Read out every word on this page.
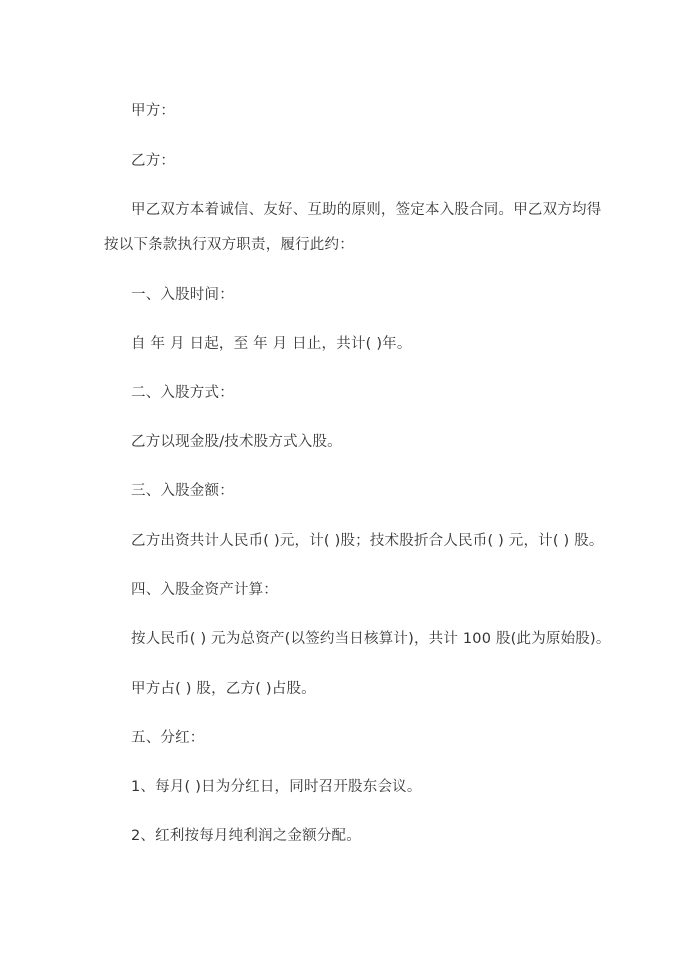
甲方：
乙方：
甲乙双方本着诚信、友好、互助的原则，签定本入股合同。甲乙双方均得
按以下条款执行双方职责，履行此约：
一、入股时间：
自 年 月 日起，至 年 月 日止，共计( )年。
二、入股方式：
乙方以现金股/技术股方式入股。
三、入股金额：
乙方出资共计人民币( )元，计( )股；技术股折合人民币( ) 元，计( ) 股。
四、入股金资产计算：
按人民币( ) 元为总资产(以签约当日核算计)，共计 100 股(此为原始股)。
甲方占( ) 股，乙方( )占股。
五、分红：
1、每月( )日为分红日，同时召开股东会议。
2、红利按每月纯利润之金额分配。
